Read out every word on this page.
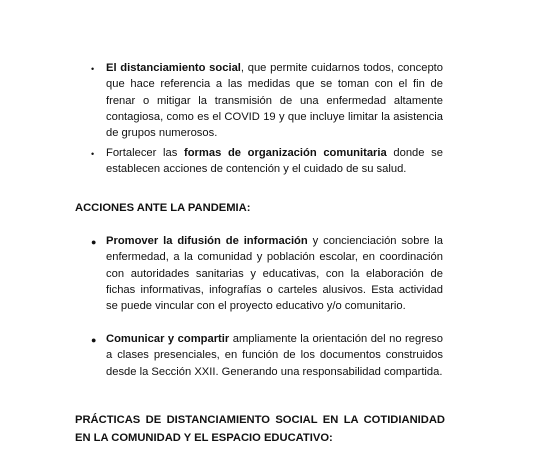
• El distanciamiento social, que permite cuidarnos todos, concepto que hace referencia a las medidas que se toman con el fin de frenar o mitigar la transmisión de una enfermedad altamente contagiosa, como es el COVID 19 y que incluye limitar la asistencia de grupos numerosos.
• Fortalecer las formas de organización comunitaria donde se establecen acciones de contención y el cuidado de su salud.
ACCIONES ANTE LA PANDEMIA:
● Promover la difusión de información y concienciación sobre la enfermedad, a la comunidad y población escolar, en coordinación con autoridades sanitarias y educativas, con la elaboración de fichas informativas, infografías o carteles alusivos. Esta actividad se puede vincular con el proyecto educativo y/o comunitario.
● Comunicar y compartir ampliamente la orientación del no regreso a clases presenciales, en función de los documentos construidos desde la Sección XXII. Generando una responsabilidad compartida.
PRÁCTICAS DE DISTANCIAMIENTO SOCIAL EN LA COTIDIANIDAD EN LA COMUNIDAD Y EL ESPACIO EDUCATIVO:
